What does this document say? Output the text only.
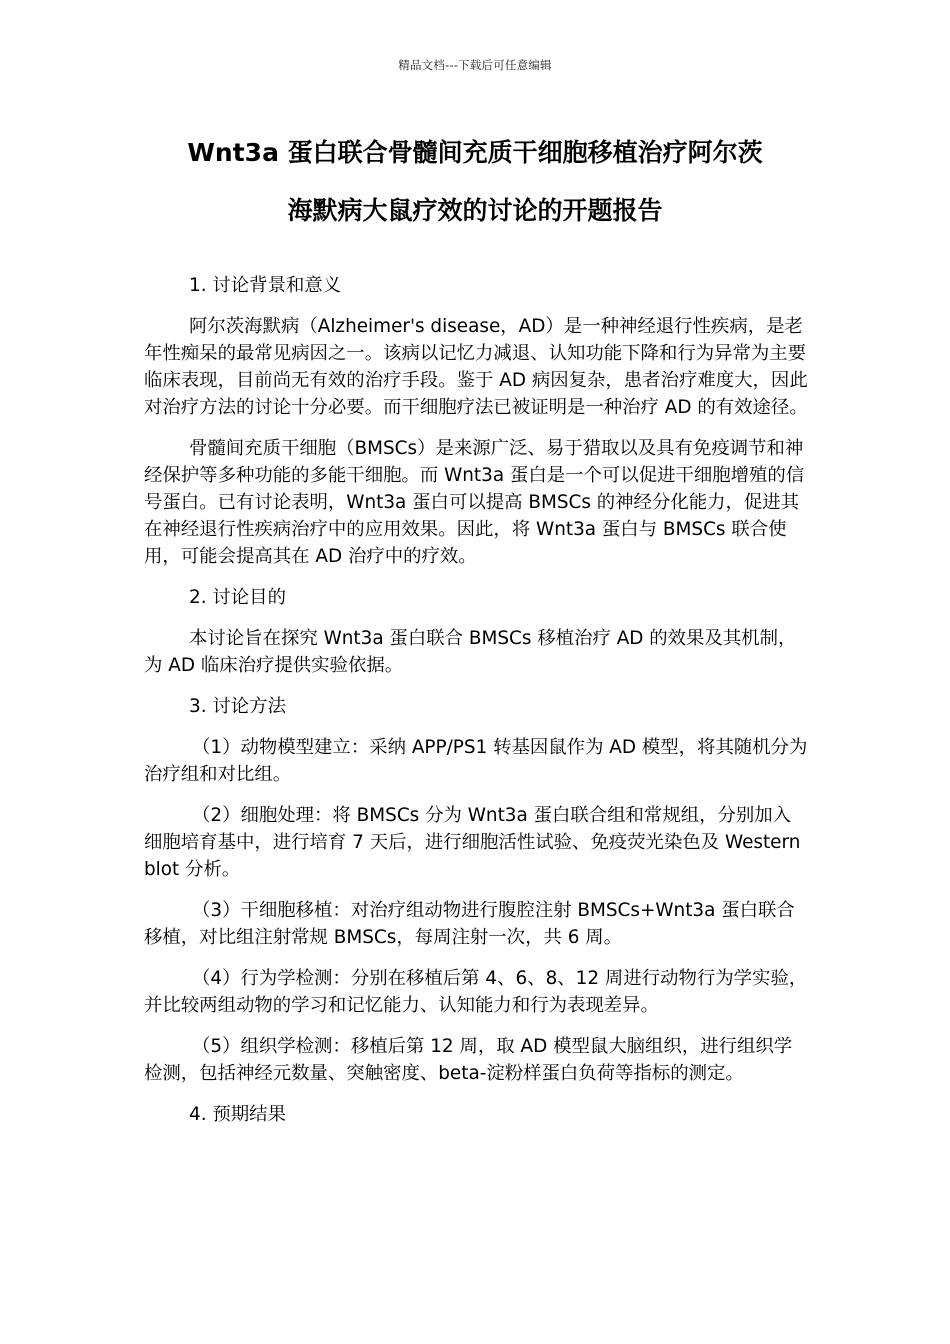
精品文档---下载后可任意编辑
Wnt3a 蛋白联合骨髓间充质干细胞移植治疗阿尔茨
海默病大鼠疗效的讨论的开题报告

1. 讨论背景和意义

阿尔茨海默病（Alzheimer's disease，AD）是一种神经退行性疾病，是老年性痴呆的最常见病因之一。该病以记忆力减退、认知功能下降和行为异常为主要临床表现，目前尚无有效的治疗手段。鉴于 AD 病因复杂，患者治疗难度大，因此对治疗方法的讨论十分必要。而干细胞疗法已被证明是一种治疗 AD 的有效途径。

骨髓间充质干细胞（BMSCs）是来源广泛、易于猎取以及具有免疫调节和神经保护等多种功能的多能干细胞。而 Wnt3a 蛋白是一个可以促进干细胞增殖的信号蛋白。已有讨论表明，Wnt3a 蛋白可以提高 BMSCs 的神经分化能力，促进其在神经退行性疾病治疗中的应用效果。因此，将 Wnt3a 蛋白与 BMSCs 联合使用，可能会提高其在 AD 治疗中的疗效。

2. 讨论目的

本讨论旨在探究 Wnt3a 蛋白联合 BMSCs 移植治疗 AD 的效果及其机制，为 AD 临床治疗提供实验依据。

3. 讨论方法

（1）动物模型建立：采纳 APP/PS1 转基因鼠作为 AD 模型，将其随机分为治疗组和对比组。

（2）细胞处理：将 BMSCs 分为 Wnt3a 蛋白联合组和常规组，分别加入细胞培育基中，进行培育 7 天后，进行细胞活性试验、免疫荧光染色及 Western blot 分析。

（3）干细胞移植：对治疗组动物进行腹腔注射 BMSCs+Wnt3a 蛋白联合移植，对比组注射常规 BMSCs，每周注射一次，共 6 周。

（4）行为学检测：分别在移植后第 4、6、8、12 周进行动物行为学实验，并比较两组动物的学习和记忆能力、认知能力和行为表现差异。

（5）组织学检测：移植后第 12 周，取 AD 模型鼠大脑组织，进行组织学检测，包括神经元数量、突触密度、beta-淀粉样蛋白负荷等指标的测定。

4. 预期结果
